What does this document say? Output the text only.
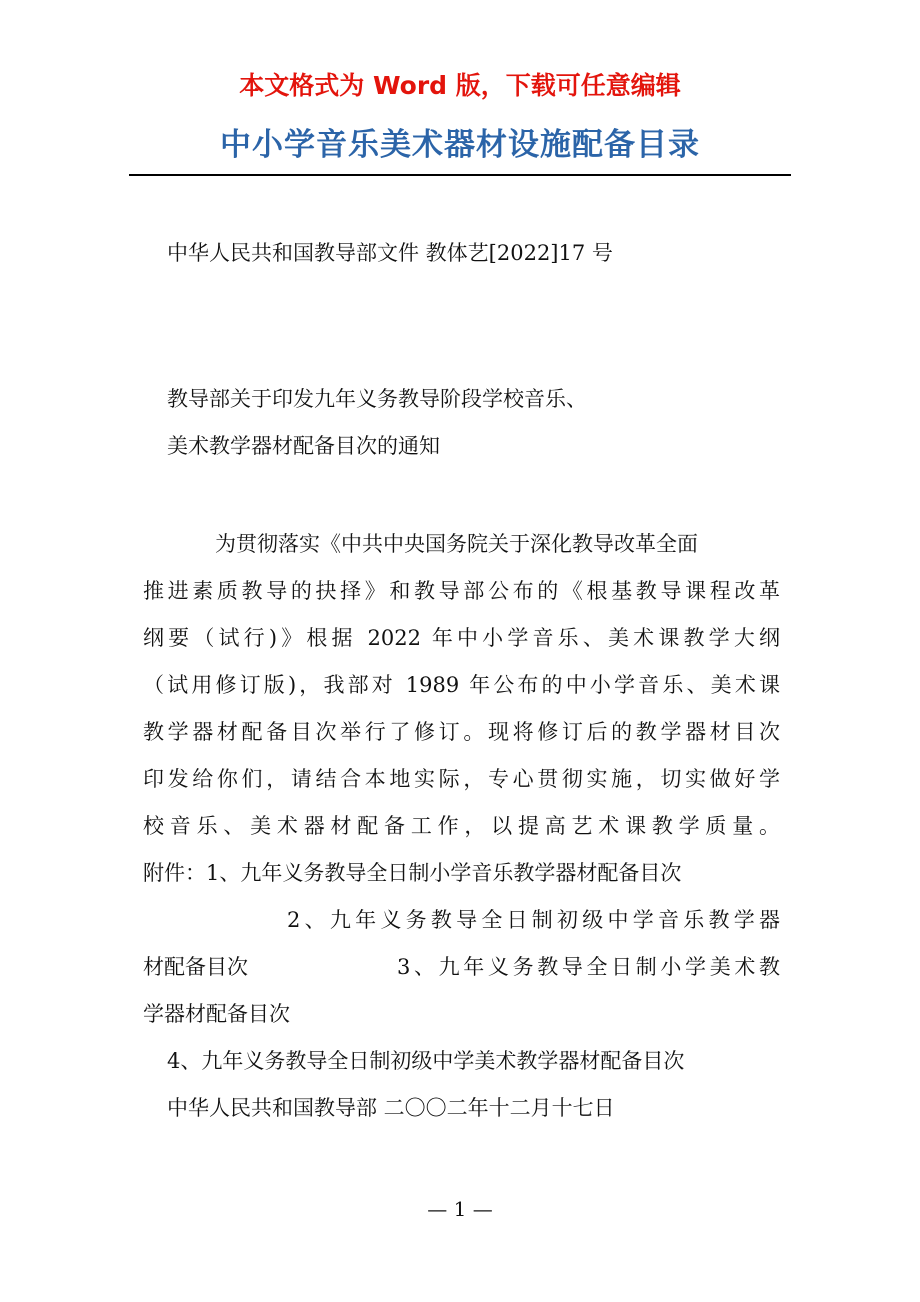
本文格式为 Word 版，下载可任意编辑
中小学音乐美术器材设施配备目录
中华人民共和国教导部文件 教体艺[2022]17 号
教导部关于印发九年义务教导阶段学校音乐、
美术教学器材配备目次的通知
为贯彻落实《中共中央国务院关于深化教导改革全面
推进素质教导的抉择》和教导部公布的《根基教导课程改革
纲要（试行)》根据 2022 年中小学音乐、美术课教学大纲
（试用修订版)，我部对 1989 年公布的中小学音乐、美术课
教学器材配备目次举行了修订。现将修订后的教学器材目次
印发给你们，请结合本地实际，专心贯彻实施，切实做好学
校音乐、美术器材配备工作，以提高艺术课教学质量。
附件：1、九年义务教导全日制小学音乐教学器材配备目次
2、九年义务教导全日制初级中学音乐教学器
材配备目次	3、九年义务教导全日制小学美术教
学器材配备目次
4、九年义务教导全日制初级中学美术教学器材配备目次
中华人民共和国教导部 二〇〇二年十二月十七日
— 1 —
